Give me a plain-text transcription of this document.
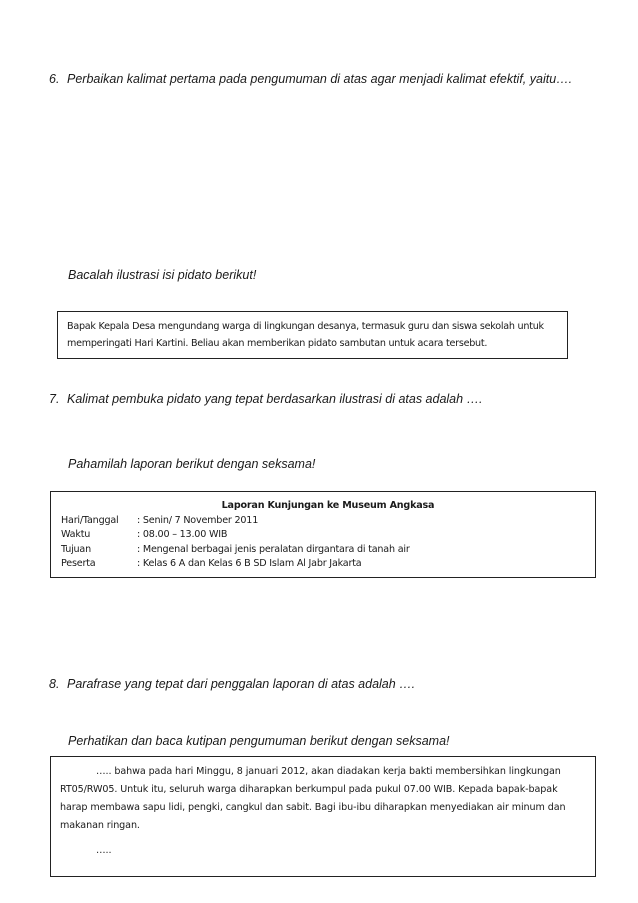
6. Perbaikan kalimat pertama pada pengumuman di atas agar menjadi kalimat efektif, yaitu….
Bacalah ilustrasi isi pidato berikut!
Bapak Kepala Desa mengundang warga di lingkungan desanya, termasuk guru dan siswa sekolah untuk
memperingati Hari Kartini. Beliau akan memberikan pidato sambutan untuk acara tersebut.
7. Kalimat pembuka pidato yang tepat berdasarkan ilustrasi di atas adalah ….
Pahamilah laporan berikut dengan seksama!
Laporan Kunjungan ke Museum Angkasa
Hari/Tanggal	: Senin/ 7 November 2011
Waktu	: 08.00 – 13.00 WIB
Tujuan	: Mengenal berbagai jenis peralatan dirgantara di tanah air
Peserta	: Kelas 6 A dan Kelas 6 B SD Islam Al Jabr Jakarta
8. Parafrase yang tepat dari penggalan laporan di atas adalah ….
Perhatikan dan baca kutipan pengumuman berikut dengan seksama!
….. bahwa pada hari Minggu, 8 januari 2012, akan diadakan kerja bakti membersihkan lingkungan
RT05/RW05. Untuk itu, seluruh warga diharapkan berkumpul pada pukul 07.00 WIB. Kepada bapak-bapak
harap membawa sapu lidi, pengki, cangkul dan sabit. Bagi ibu-ibu diharapkan menyediakan air minum dan
makanan ringan.
…..
